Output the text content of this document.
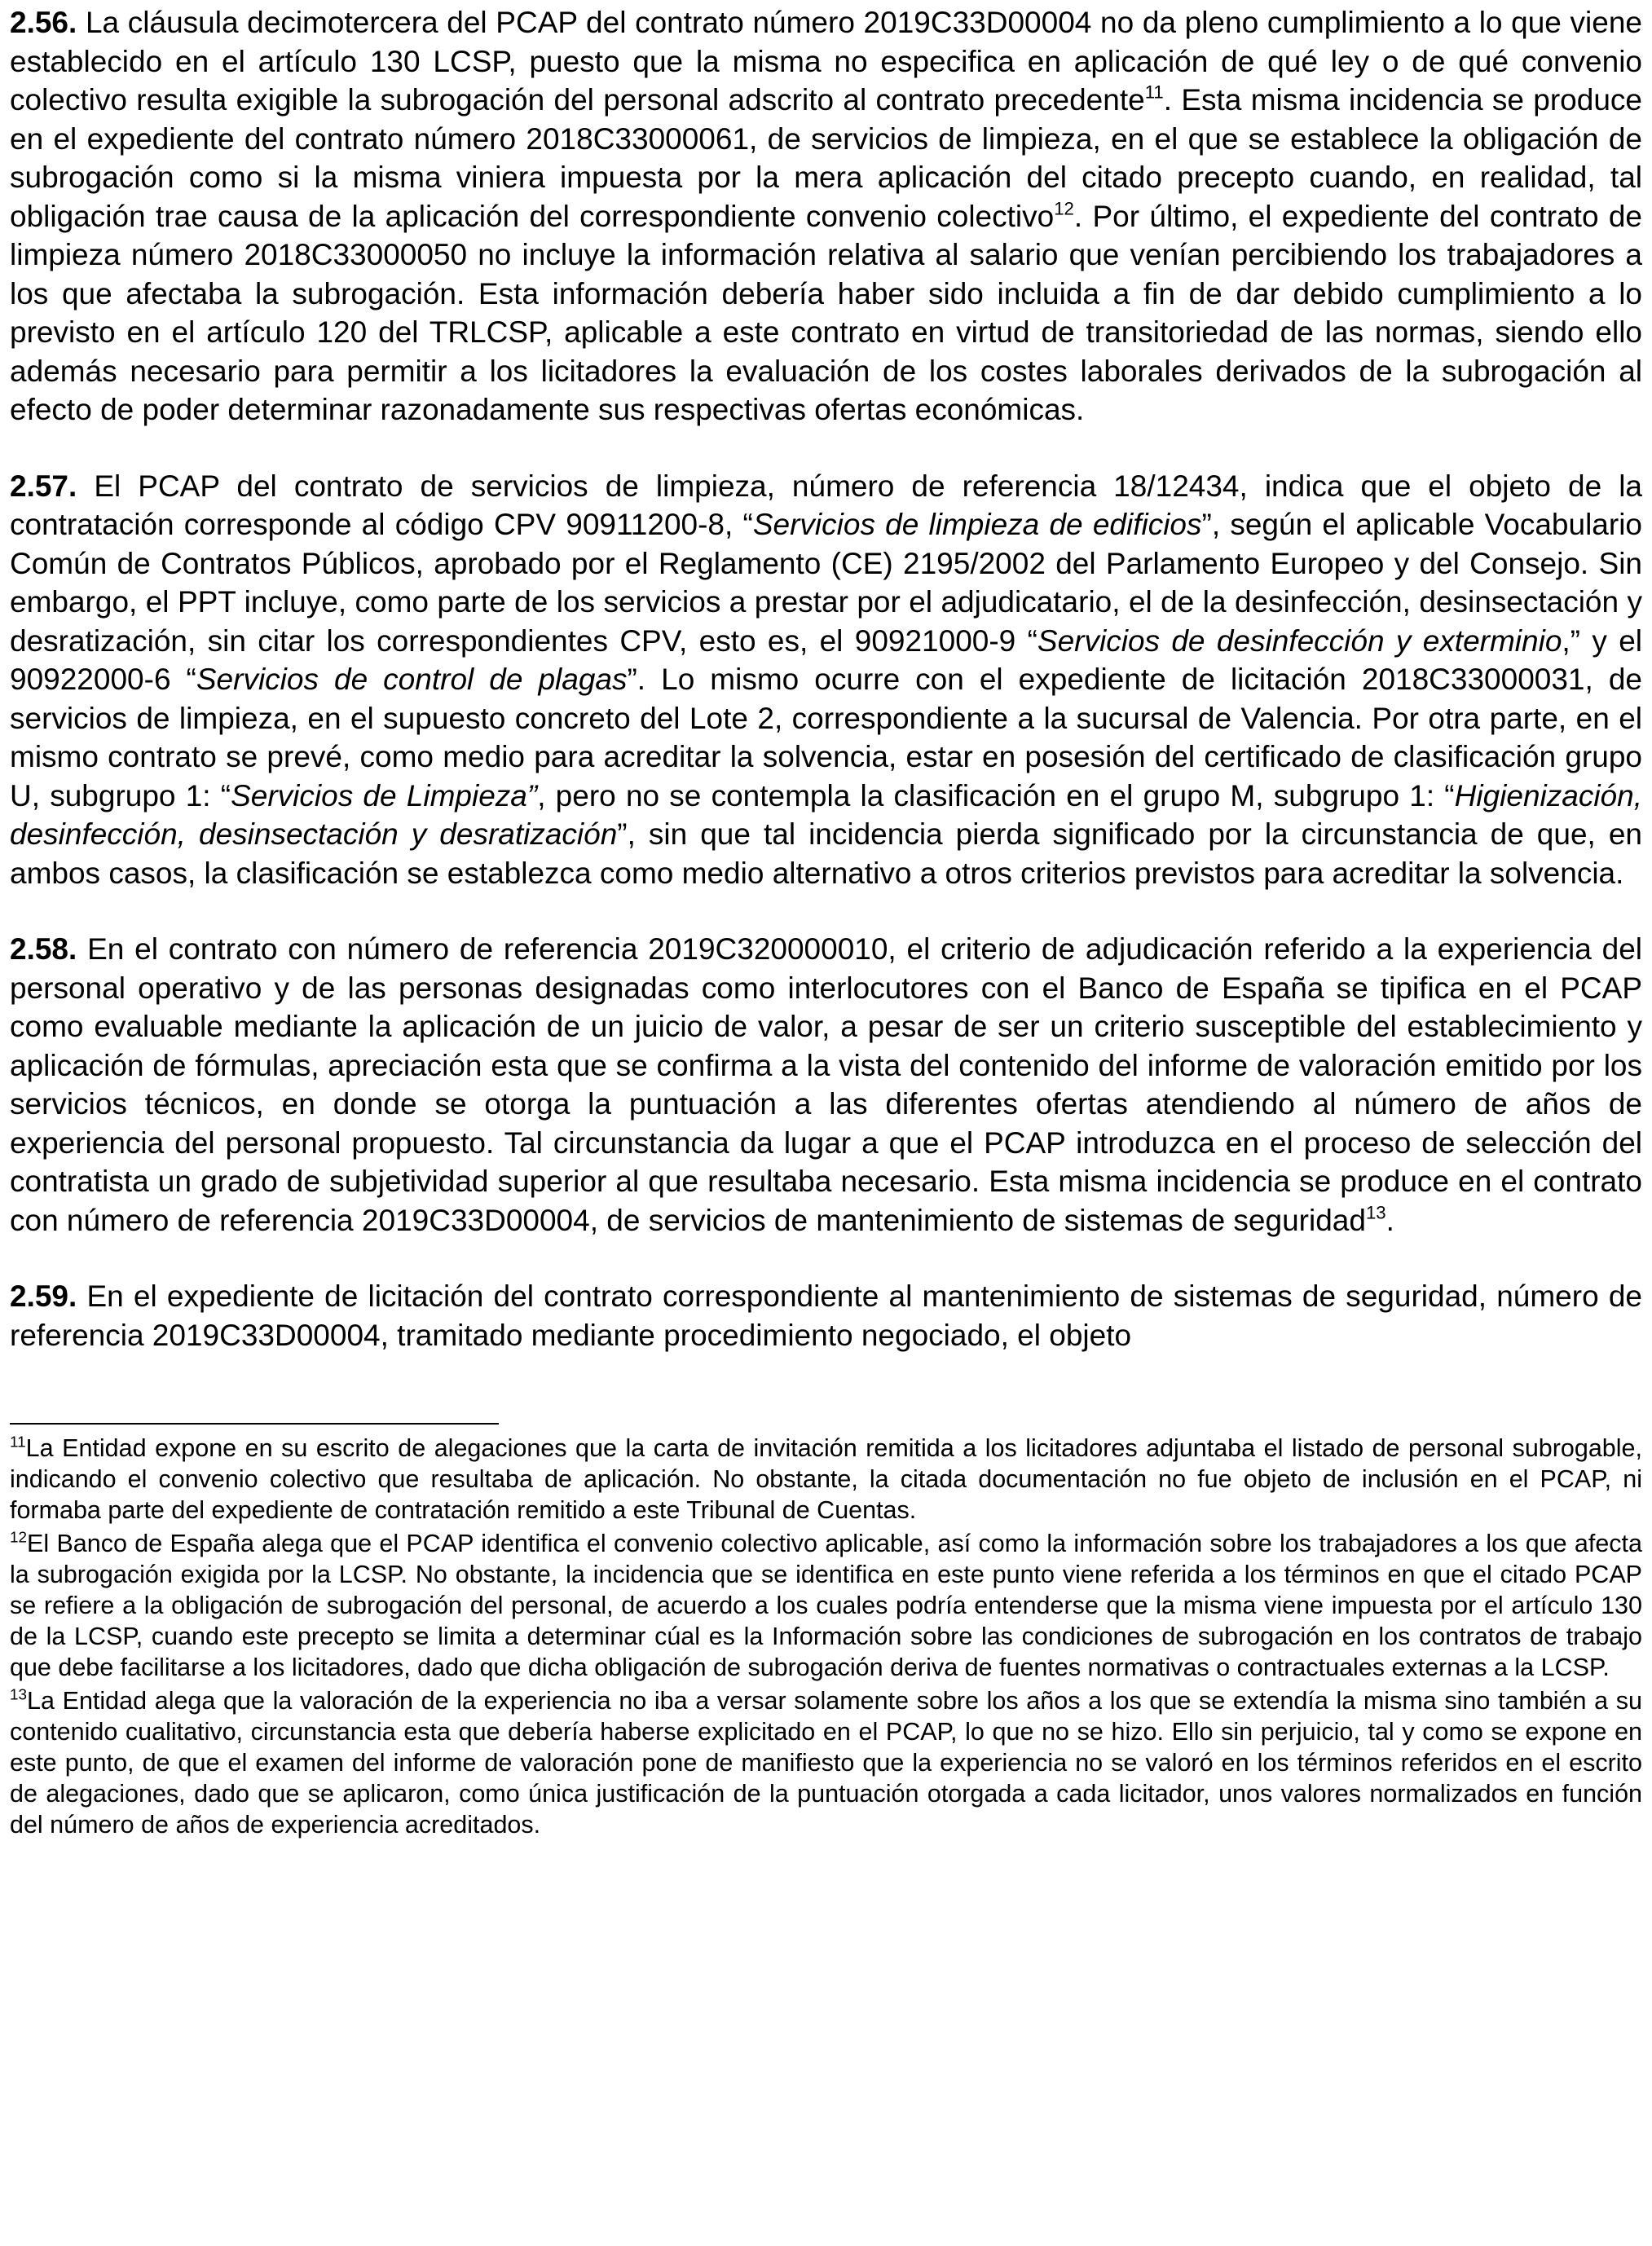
2.56. La cláusula decimotercera del PCAP del contrato número 2019C33D00004 no da pleno cumplimiento a lo que viene establecido en el artículo 130 LCSP, puesto que la misma no especifica en aplicación de qué ley o de qué convenio colectivo resulta exigible la subrogación del personal adscrito al contrato precedente$^{11}$. Esta misma incidencia se produce en el expediente del contrato número 2018C33000061, de servicios de limpieza, en el que se establece la obligación de subrogación como si la misma viniera impuesta por la mera aplicación del citado precepto cuando, en realidad, tal obligación trae causa de la aplicación del correspondiente convenio colectivo$^{12}$. Por último, el expediente del contrato de limpieza número 2018C33000050 no incluye la información relativa al salario que venían percibiendo los trabajadores a los que afectaba la subrogación. Esta información debería haber sido incluida a fin de dar debido cumplimiento a lo previsto en el artículo 120 del TRLCSP, aplicable a este contrato en virtud de transitoriedad de las normas, siendo ello además necesario para permitir a los licitadores la evaluación de los costes laborales derivados de la subrogación al efecto de poder determinar razonadamente sus respectivas ofertas económicas.

2.57. El PCAP del contrato de servicios de limpieza, número de referencia 18/12434, indica que el objeto de la contratación corresponde al código CPV 90911200-8, “Servicios de limpieza de edificios”, según el aplicable Vocabulario Común de Contratos Públicos, aprobado por el Reglamento (CE) 2195/2002 del Parlamento Europeo y del Consejo. Sin embargo, el PPT incluye, como parte de los servicios a prestar por el adjudicatario, el de la desinfección, desinsectación y desratización, sin citar los correspondientes CPV, esto es, el 90921000-9 “Servicios de desinfección y exterminio,” y el 90922000-6 “Servicios de control de plagas”. Lo mismo ocurre con el expediente de licitación 2018C33000031, de servicios de limpieza, en el supuesto concreto del Lote 2, correspondiente a la sucursal de Valencia. Por otra parte, en el mismo contrato se prevé, como medio para acreditar la solvencia, estar en posesión del certificado de clasificación grupo U, subgrupo 1: “Servicios de Limpieza”, pero no se contempla la clasificación en el grupo M, subgrupo 1: “Higienización, desinfección, desinsectación y desratización”, sin que tal incidencia pierda significado por la circunstancia de que, en ambos casos, la clasificación se establezca como medio alternativo a otros criterios previstos para acreditar la solvencia.

2.58. En el contrato con número de referencia 2019C320000010, el criterio de adjudicación referido a la experiencia del personal operativo y de las personas designadas como interlocutores con el Banco de España se tipifica en el PCAP como evaluable mediante la aplicación de un juicio de valor, a pesar de ser un criterio susceptible del establecimiento y aplicación de fórmulas, apreciación esta que se confirma a la vista del contenido del informe de valoración emitido por los servicios técnicos, en donde se otorga la puntuación a las diferentes ofertas atendiendo al número de años de experiencia del personal propuesto. Tal circunstancia da lugar a que el PCAP introduzca en el proceso de selección del contratista un grado de subjetividad superior al que resultaba necesario. Esta misma incidencia se produce en el contrato con número de referencia 2019C33D00004, de servicios de mantenimiento de sistemas de seguridad$^{13}$.

2.59. En el expediente de licitación del contrato correspondiente al mantenimiento de sistemas de seguridad, número de referencia 2019C33D00004, tramitado mediante procedimiento negociado, el objeto

$^{11}$La Entidad expone en su escrito de alegaciones que la carta de invitación remitida a los licitadores adjuntaba el listado de personal subrogable, indicando el convenio colectivo que resultaba de aplicación. No obstante, la citada documentación no fue objeto de inclusión en el PCAP, ni formaba parte del expediente de contratación remitido a este Tribunal de Cuentas.

$^{12}$El Banco de España alega que el PCAP identifica el convenio colectivo aplicable, así como la información sobre los trabajadores a los que afecta la subrogación exigida por la LCSP. No obstante, la incidencia que se identifica en este punto viene referida a los términos en que el citado PCAP se refiere a la obligación de subrogación del personal, de acuerdo a los cuales podría entenderse que la misma viene impuesta por el artículo 130 de la LCSP, cuando este precepto se limita a determinar cúal es la Información sobre las condiciones de subrogación en los contratos de trabajo que debe facilitarse a los licitadores, dado que dicha obligación de subrogación deriva de fuentes normativas o contractuales externas a la LCSP.

$^{13}$La Entidad alega que la valoración de la experiencia no iba a versar solamente sobre los años a los que se extendía la misma sino también a su contenido cualitativo, circunstancia esta que debería haberse explicitado en el PCAP, lo que no se hizo. Ello sin perjuicio, tal y como se expone en este punto, de que el examen del informe de valoración pone de manifiesto que la experiencia no se valoró en los términos referidos en el escrito de alegaciones, dado que se aplicaron, como única justificación de la puntuación otorgada a cada licitador, unos valores normalizados en función del número de años de experiencia acreditados.
